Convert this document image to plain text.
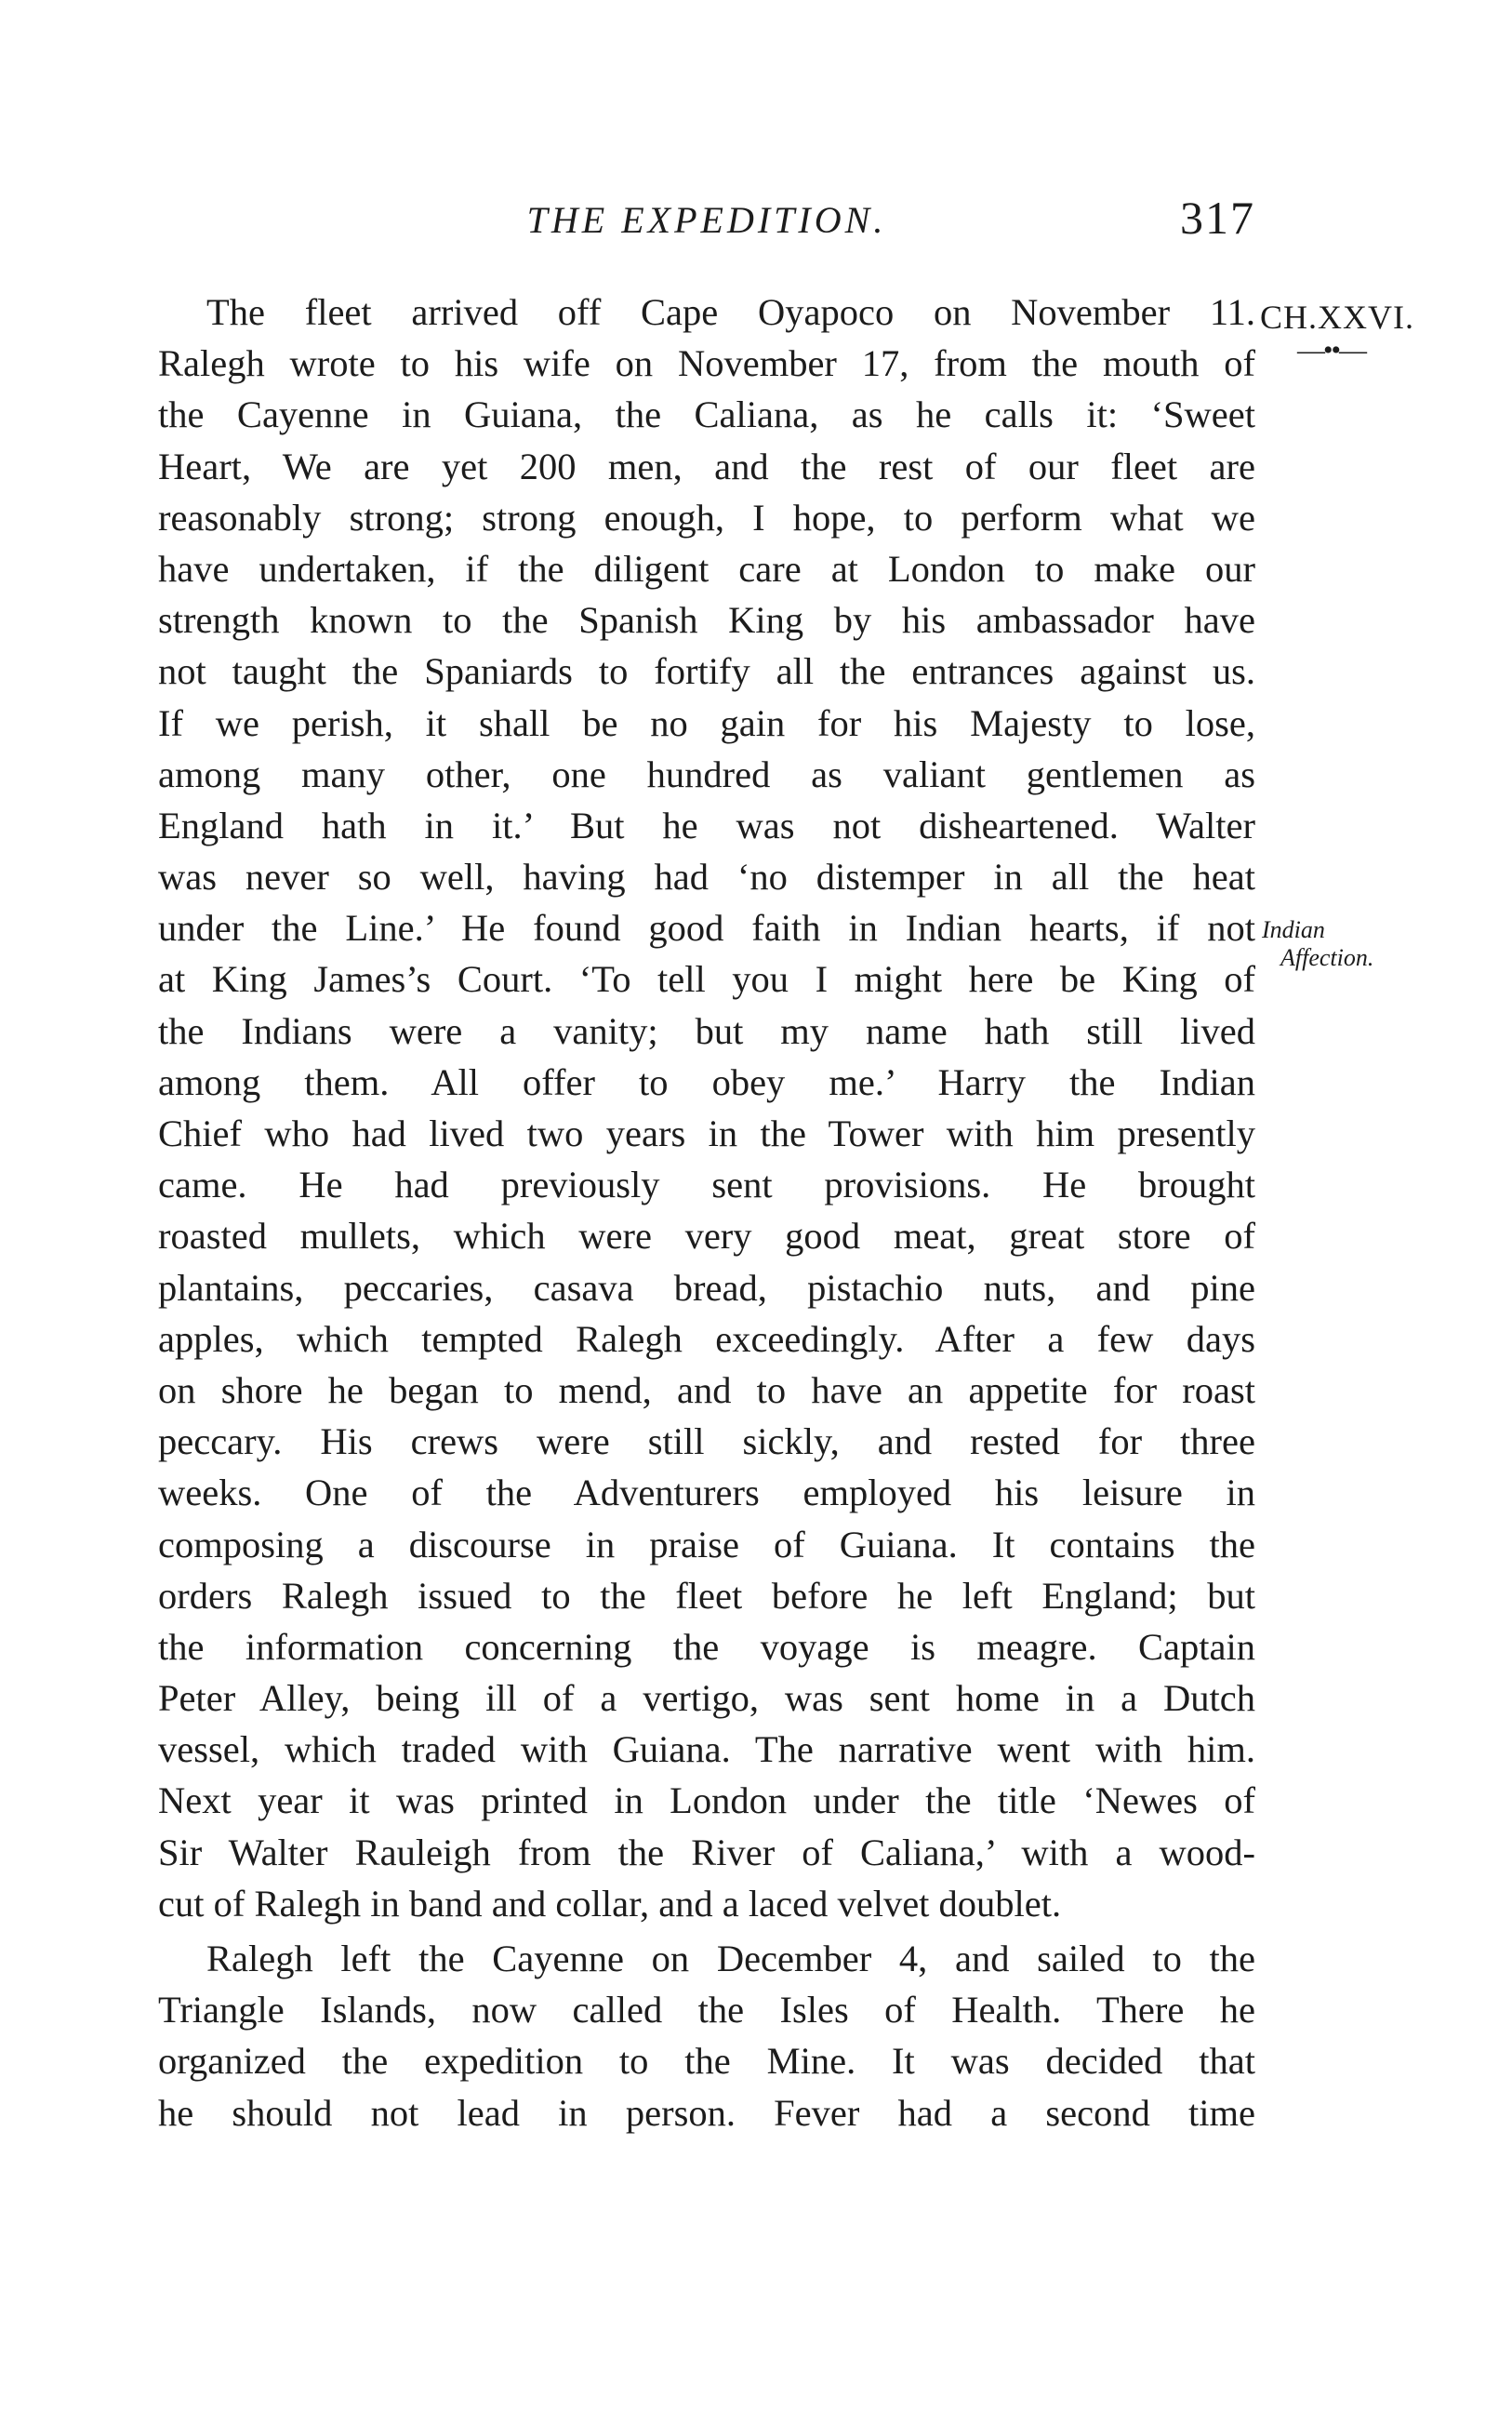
THE EXPEDITION.	317
CH.XXVI.
—••—
Indian
Affection.
The fleet arrived off Cape Oyapoco on November 11.
Ralegh wrote to his wife on November 17, from the mouth of
the Cayenne in Guiana, the Caliana, as he calls it: ‘Sweet
Heart, We are yet 200 men, and the rest of our fleet are
reasonably strong; strong enough, I hope, to perform what we
have undertaken, if the diligent care at London to make our
strength known to the Spanish King by his ambassador have
not taught the Spaniards to fortify all the entrances against us.
If we perish, it shall be no gain for his Majesty to lose,
among many other, one hundred as valiant gentlemen as
England hath in it.’ But he was not disheartened. Walter
was never so well, having had ‘no distemper in all the heat
under the Line.’ He found good faith in Indian hearts, if not
at King James’s Court. ‘To tell you I might here be King of
the Indians were a vanity; but my name hath still lived
among them. All offer to obey me.’ Harry the Indian
Chief who had lived two years in the Tower with him presently
came. He had previously sent provisions. He brought
roasted mullets, which were very good meat, great store of
plantains, peccaries, casava bread, pistachio nuts, and pine
apples, which tempted Ralegh exceedingly. After a few days
on shore he began to mend, and to have an appetite for roast
peccary. His crews were still sickly, and rested for three
weeks. One of the Adventurers employed his leisure in
composing a discourse in praise of Guiana. It contains the
orders Ralegh issued to the fleet before he left England; but
the information concerning the voyage is meagre. Captain
Peter Alley, being ill of a vertigo, was sent home in a Dutch
vessel, which traded with Guiana. The narrative went with him.
Next year it was printed in London under the title ‘Newes of
Sir Walter Rauleigh from the River of Caliana,’ with a wood-
cut of Ralegh in band and collar, and a laced velvet doublet.
Ralegh left the Cayenne on December 4, and sailed to the
Triangle Islands, now called the Isles of Health. There he
organized the expedition to the Mine. It was decided that
he should not lead in person. Fever had a second time
